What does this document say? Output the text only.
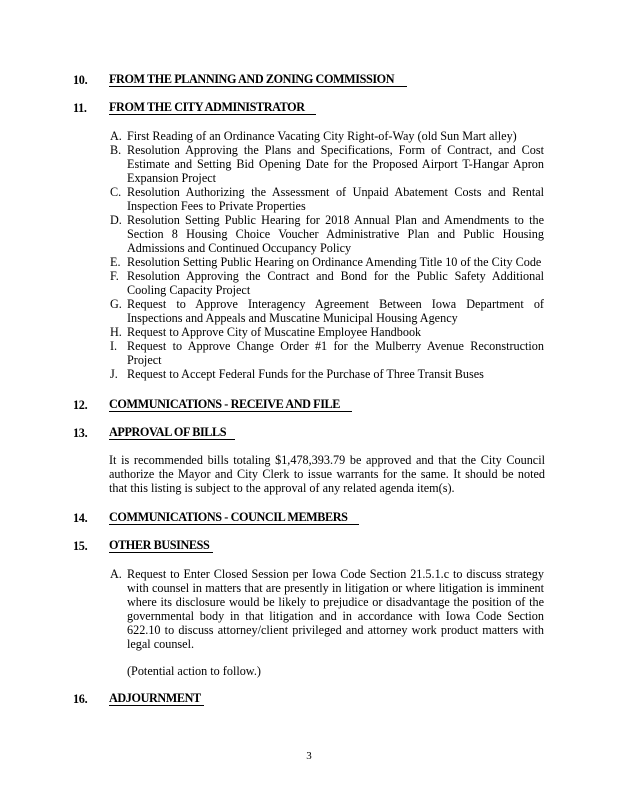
10. FROM THE PLANNING AND ZONING COMMISSION
11. FROM THE CITY ADMINISTRATOR
A. First Reading of an Ordinance Vacating City Right-of-Way (old Sun Mart alley)
B. Resolution Approving the Plans and Specifications, Form of Contract, and Cost Estimate and Setting Bid Opening Date for the Proposed Airport T-Hangar Apron Expansion Project
C. Resolution Authorizing the Assessment of Unpaid Abatement Costs and Rental Inspection Fees to Private Properties
D. Resolution Setting Public Hearing for 2018 Annual Plan and Amendments to the Section 8 Housing Choice Voucher Administrative Plan and Public Housing Admissions and Continued Occupancy Policy
E. Resolution Setting Public Hearing on Ordinance Amending Title 10 of the City Code
F. Resolution Approving the Contract and Bond for the Public Safety Additional Cooling Capacity Project
G. Request to Approve Interagency Agreement Between Iowa Department of Inspections and Appeals and Muscatine Municipal Housing Agency
H. Request to Approve City of Muscatine Employee Handbook
I. Request to Approve Change Order #1 for the Mulberry Avenue Reconstruction Project
J. Request to Accept Federal Funds for the Purchase of Three Transit Buses
12. COMMUNICATIONS - RECEIVE AND FILE
13. APPROVAL OF BILLS

It is recommended bills totaling $1,478,393.79 be approved and that the City Council authorize the Mayor and City Clerk to issue warrants for the same. It should be noted that this listing is subject to the approval of any related agenda item(s).

14. COMMUNICATIONS - COUNCIL MEMBERS
15. OTHER BUSINESS
A. Request to Enter Closed Session per Iowa Code Section 21.5.1.c to discuss strategy with counsel in matters that are presently in litigation or where litigation is imminent where its disclosure would be likely to prejudice or disadvantage the position of the governmental body in that litigation and in accordance with Iowa Code Section 622.10 to discuss attorney/client privileged and attorney work product matters with legal counsel.

(Potential action to follow.)

16. ADJOURNMENT
3
